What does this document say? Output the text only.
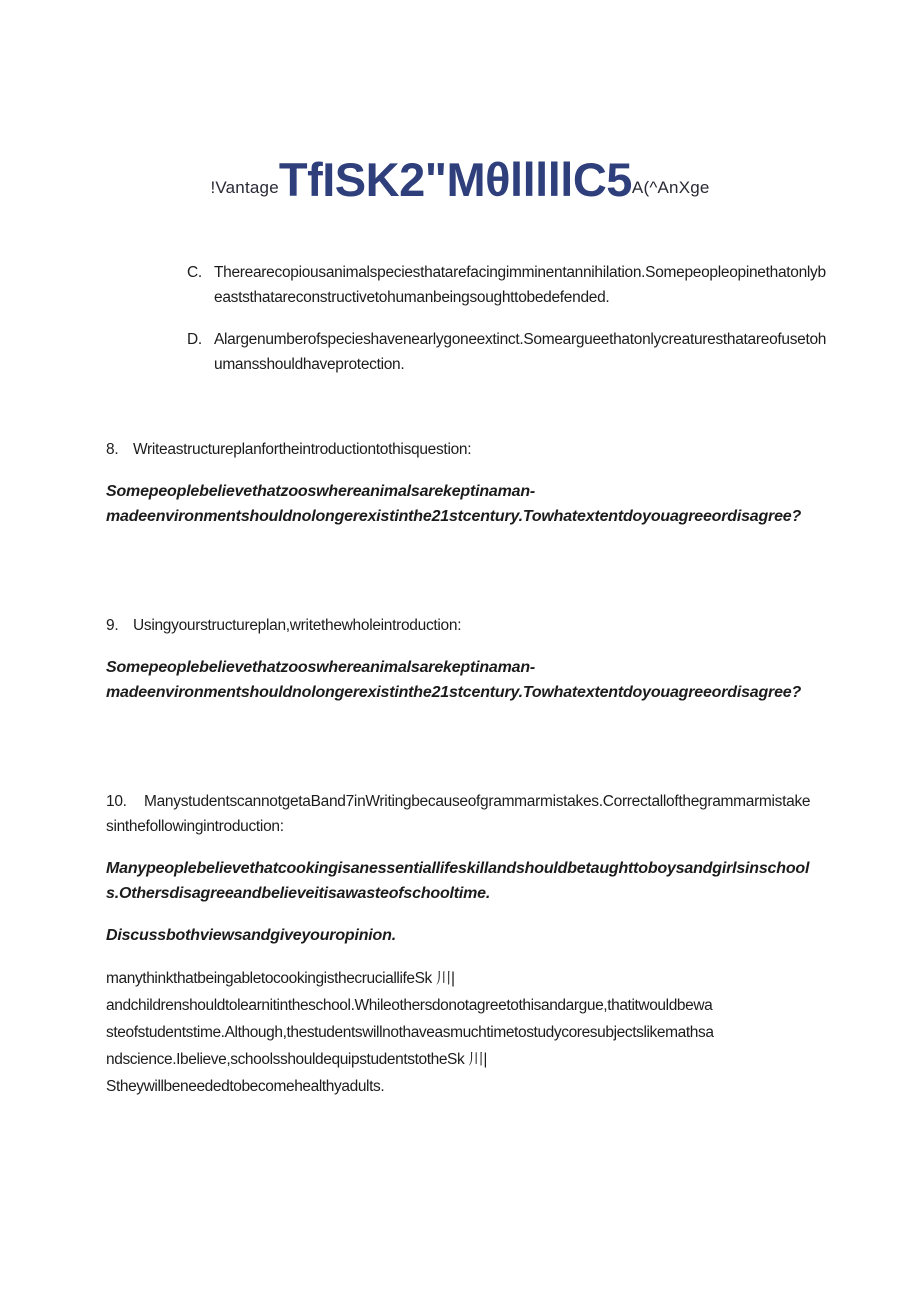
!VantageTfISK2"MθlllllC5A(^AnXge
C. Therearecopiousanimalspeciesthatarefacingimminentannihilation.Somepeopleopinethatonlybeaststhatareconstructivetohumanbeingsoughttobedefended.
D. Alargenumberofspecieshavenearlygoneextinct.Someargueethatonlycreaturesthatareofusetohumansshouldhaveprotection.
8. Writeastructureplanfortheintroductiontothisquestion:
Somepeoplebelievethatzooswhereanimalsarekeptinaman-
madeenvironmentshouldnolongerexistinthe21stcentury.Towhatextentdoyouagreeordisagree?
9. Usingyourstructureplan,writethewholeintroduction:
Somepeoplebelievethatzooswhereanimalsarekeptinaman-
madeenvironmentshouldnolongerexistinthe21stcentury.Towhatextentdoyouagreeordisagree?
10. ManystudentscannotgetaBand7inWritingbecauseofgrammarmistakes.Correctallofthegrammarmistakesinthefollowingintroduction:
Manypeoplebelievethatcookingisanessentiallifeskillandshouldbetaughttoboysandgirlsinschools.Othersdisagreeandbelieveitisawasteofschooltime.
Discussbothviewsandgiveyouropinion.
manythinkthatbeingabletocookingisthecruciallifeSk 川|
andchildrenshouldtolearnitintheschool.Whileothersdonotagreetothisandargue,thatitwouldbewa
steofstudentstime.Although,thestudentswillnothaveasmuchtimetostudycoresubjectslikemathsa
ndscience.Ibelieve,schoolsshouldequipstudentstotheSk 川|
Stheywillbeneededtobecomehealthyadults.
